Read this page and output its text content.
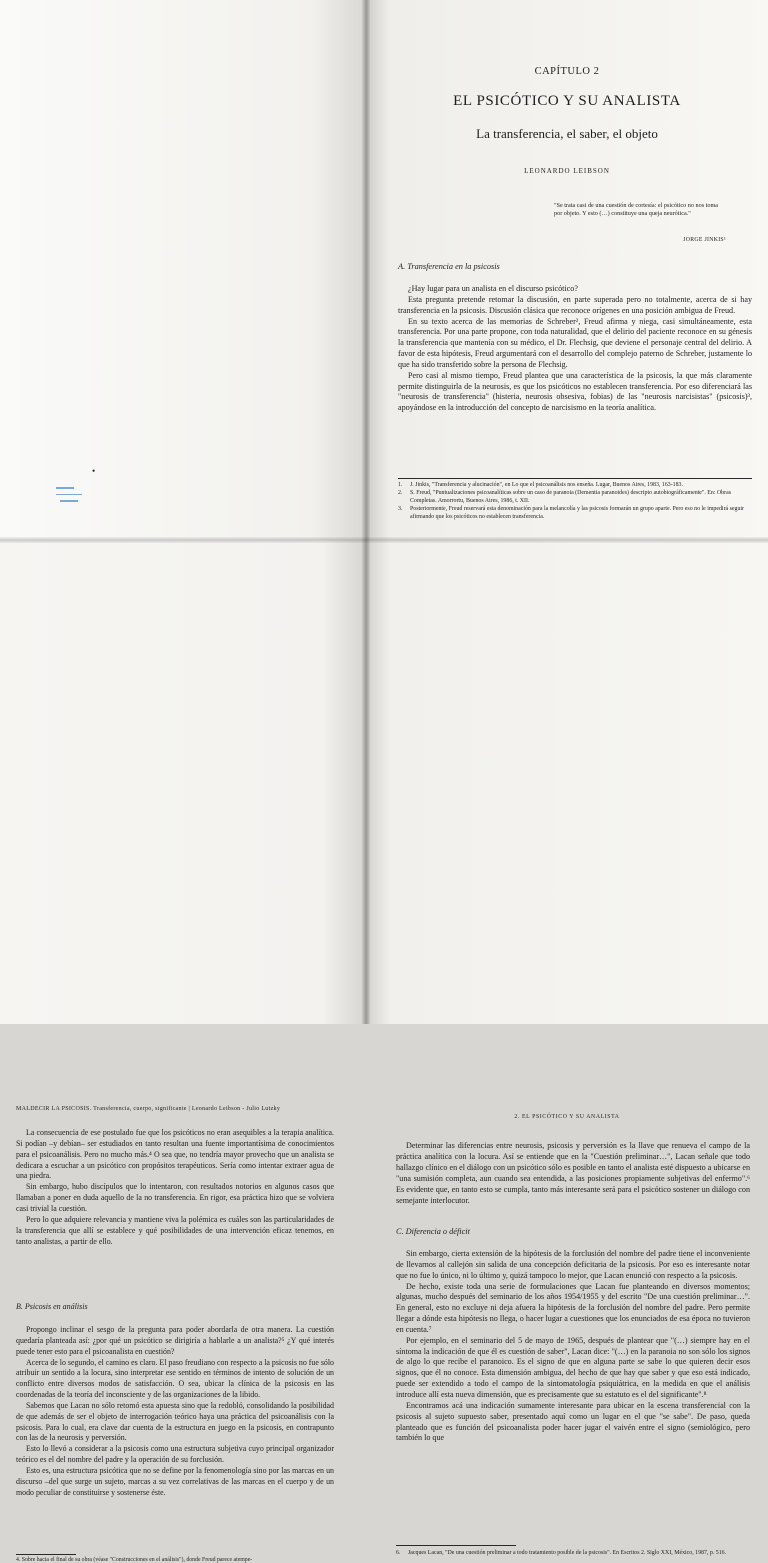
•
CAPÍTULO 2
EL PSICÓTICO Y SU ANALISTA
La transferencia, el saber, el objeto
LEONARDO LEIBSON
"Se trata casi de una cuestión de cortesía: el psicótico no nos toma por objeto. Y esto (…) constituye una queja neurótica."
JORGE JINKIS¹
A. Transferencia en la psicosis

¿Hay lugar para un analista en el discurso psicótico?

Esta pregunta pretende retomar la discusión, en parte superada pero no totalmente, acerca de si hay transferencia en la psicosis. Discusión clásica que reconoce orígenes en una posición ambigua de Freud.

En su texto acerca de las memorias de Schreber², Freud afirma y niega, casi simultáneamente, esta transferencia. Por una parte propone, con toda naturalidad, que el delirio del paciente reconoce en su génesis la transferencia que mantenía con su médico, el Dr. Flechsig, que deviene el personaje central del delirio. A favor de esta hipótesis, Freud argumentará con el desarrollo del complejo paterno de Schreber, justamente lo que ha sido transferido sobre la persona de Flechsig.

Pero casi al mismo tiempo, Freud plantea que una característica de la psicosis, la que más claramente permite distinguirla de la neurosis, es que los psicóticos no establecen transferencia. Por eso diferenciará las "neurosis de transferencia" (histeria, neurosis obsesiva, fobias) de las "neurosis narcisistas" (psicosis)³, apoyándose en la introducción del concepto de narcisismo en la teoría analítica.

1.	J. Jinkis, "Transferencia y alucinación", en Lo que el psicoanálisis nos enseña. Lugar, Buenos Aires, 1983, 163-183.
2.	S. Freud, "Puntualizaciones psicoanalíticas sobre un caso de paranoia (Dementia paranoides) descripto autobiográficamente". En: Obras Completas. Amorrortu, Buenos Aires, 1986, t. XII.
3.	Posteriormente, Freud reservará esta denominación para la melancolía y las psicosis formarán un grupo aparte. Pero eso no le impedirá seguir afirmando que los psicóticos no establecen transferencia.
MALDECIR LA PSICOSIS. Transferencia, cuerpo, significante | Leonardo Leibson - Julio Lutzky

La consecuencia de ese postulado fue que los psicóticos no eran asequibles a la terapia analítica. Si podían –y debían– ser estudiados en tanto resultan una fuente importantísima de conocimientos para el psicoanálisis. Pero no mucho más.⁴ O sea que, no tendría mayor provecho que un analista se dedicara a escuchar a un psicótico con propósitos terapéuticos. Sería como intentar extraer agua de una piedra.

Sin embargo, hubo discípulos que lo intentaron, con resultados notorios en algunos casos que llamaban a poner en duda aquello de la no transferencia. En rigor, esa práctica hizo que se volviera casi trivial la cuestión.

Pero lo que adquiere relevancia y mantiene viva la polémica es cuáles son las particularidades de la transferencia que allí se establece y qué posibilidades de una intervención eficaz tenemos, en tanto analistas, a partir de ello.

B. Psicosis en análisis

Propongo inclinar el sesgo de la pregunta para poder abordarla de otra manera. La cuestión quedaría planteada así: ¿por qué un psicótico se dirigiría a hablarle a un analista?⁵ ¿Y qué interés puede tener esto para el psicoanalista en cuestión?

Acerca de lo segundo, el camino es claro. El paso freudiano con respecto a la psicosis no fue sólo atribuir un sentido a la locura, sino interpretar ese sentido en términos de intento de solución de un conflicto entre diversos modos de satisfacción. O sea, ubicar la clínica de la psicosis en las coordenadas de la teoría del inconsciente y de las organizaciones de la libido.

Sabemos que Lacan no sólo retomó esta apuesta sino que la redobló, consolidando la posibilidad de que además de ser el objeto de interrogación teórico haya una práctica del psicoanálisis con la psicosis. Para lo cual, era clave dar cuenta de la estructura en juego en la psicosis, en contrapunto con las de la neurosis y perversión.

Esto lo llevó a considerar a la psicosis como una estructura subjetiva cuyo principal organizador teórico es el del nombre del padre y la operación de su forclusión.

Esto es, una estructura psicótica que no se define por la fenomenología sino por las marcas en un discurso –del que surge un sujeto, marcas a su vez correlativas de las marcas en el cuerpo y de un modo peculiar de constituirse y sostenerse éste.

4. Sobre hacia el final de su obra (véase "Construcciones en el análisis"), donde Freud parece atempe-
2. EL PSICÓTICO Y SU ANALISTA

Determinar las diferencias entre neurosis, psicosis y perversión es la llave que renueva el campo de la práctica analítica con la locura. Así se entiende que en la "Cuestión preliminar…", Lacan señale que todo hallazgo clínico en el diálogo con un psicótico sólo es posible en tanto el analista esté dispuesto a ubicarse en "una sumisión completa, aun cuando sea entendida, a las posiciones propiamente subjetivas del enfermo".⁶ Es evidente que, en tanto esto se cumpla, tanto más interesante será para el psicótico sostener un diálogo con semejante interlocutor.

C. Diferencia o déficit

Sin embargo, cierta extensión de la hipótesis de la forclusión del nombre del padre tiene el inconveniente de llevarnos al callejón sin salida de una concepción deficitaria de la psicosis. Por eso es interesante notar que no fue lo único, ni lo último y, quizá tampoco lo mejor, que Lacan enunció con respecto a la psicosis.

De hecho, existe toda una serie de formulaciones que Lacan fue planteando en diversos momentos; algunas, mucho después del seminario de los años 1954/1955 y del escrito "De una cuestión preliminar…". En general, esto no excluye ni deja afuera la hipótesis de la forclusión del nombre del padre. Pero permite llegar a dónde esta hipótesis no llega, o hacer lugar a cuestiones que los enunciados de esa época no tuvieron en cuenta.⁷

Por ejemplo, en el seminario del 5 de mayo de 1965, después de plantear que "(…) siempre hay en el síntoma la indicación de que él es cuestión de saber", Lacan dice: "(…) en la paranoia no son sólo los signos de algo lo que recibe el paranoico. Es el signo de que en alguna parte se sabe lo que quieren decir esos signos, que él no conoce. Esta dimensión ambigua, del hecho de que hay que saber y que eso está indicado, puede ser extendido a todo el campo de la sintomatología psiquiátrica, en la medida en que el análisis introduce allí esta nueva dimensión, que es precisamente que su estatuto es el del significante".⁸

Encontramos acá una indicación sumamente interesante para ubicar en la escena transferencial con la psicosis al sujeto supuesto saber, presentado aquí como un lugar en el que "se sabe". De paso, queda planteado que es función del psicoanalista poder hacer jugar el vaivén entre el signo (semiológico, pero también lo que

6.	Jacques Lacan, "De una cuestión preliminar a todo tratamiento posible de la psicosis". En Escritos 2. Siglo XXI, México, 1987, p. 516.
